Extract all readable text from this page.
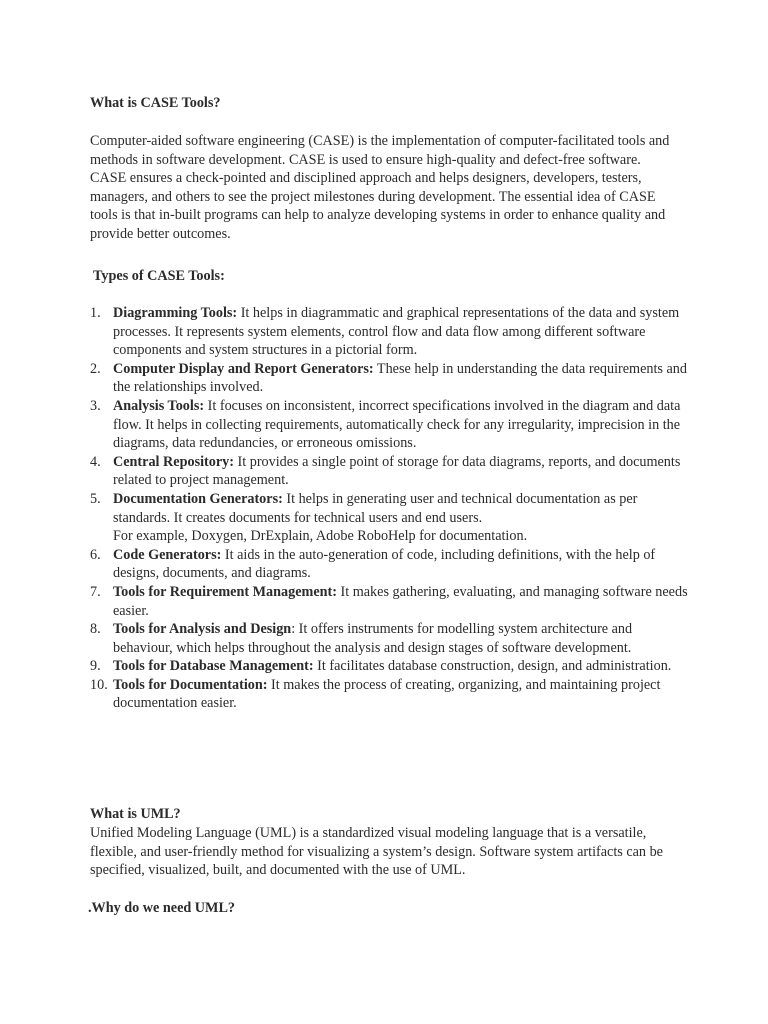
What is CASE Tools?

Computer-aided software engineering (CASE) is the implementation of computer-facilitated tools and methods in software development. CASE is used to ensure high-quality and defect-free software. CASE ensures a check-pointed and disciplined approach and helps designers, developers, testers, managers, and others to see the project milestones during development. The essential idea of CASE tools is that in-built programs can help to analyze developing systems in order to enhance quality and provide better outcomes.

Types of CASE Tools:
1. Diagramming Tools: It helps in diagrammatic and graphical representations of the data and system processes. It represents system elements, control flow and data flow among different software components and system structures in a pictorial form.
2. Computer Display and Report Generators: These help in understanding the data requirements and the relationships involved.
3. Analysis Tools: It focuses on inconsistent, incorrect specifications involved in the diagram and data flow. It helps in collecting requirements, automatically check for any irregularity, imprecision in the diagrams, data redundancies, or erroneous omissions.
4. Central Repository: It provides a single point of storage for data diagrams, reports, and documents related to project management.
5. Documentation Generators: It helps in generating user and technical documentation as per standards. It creates documents for technical users and end users.
For example, Doxygen, DrExplain, Adobe RoboHelp for documentation.
6. Code Generators: It aids in the auto-generation of code, including definitions, with the help of designs, documents, and diagrams.
7. Tools for Requirement Management: It makes gathering, evaluating, and managing software needs easier.
8. Tools for Analysis and Design: It offers instruments for modelling system architecture and behaviour, which helps throughout the analysis and design stages of software development.
9. Tools for Database Management: It facilitates database construction, design, and administration.
10. Tools for Documentation: It makes the process of creating, organizing, and maintaining project documentation easier.
What is UML?

Unified Modeling Language (UML) is a standardized visual modeling language that is a versatile, flexible, and user-friendly method for visualizing a system’s design. Software system artifacts can be specified, visualized, built, and documented with the use of UML.

.Why do we need UML?
